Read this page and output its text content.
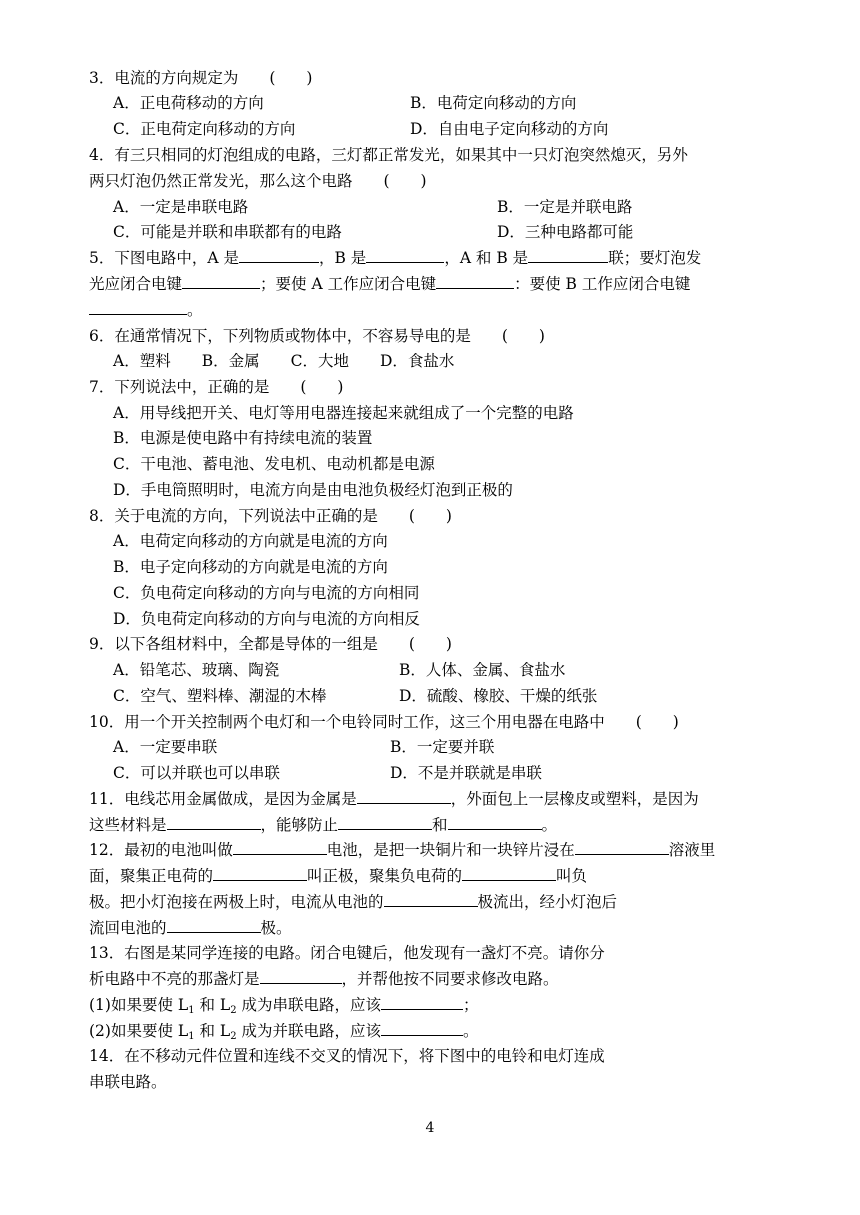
3．电流的方向规定为　　(　　)
A．正电荷移动的方向	B．电荷定向移动的方向
C．正电荷定向移动的方向	D．自由电子定向移动的方向
4．有三只相同的灯泡组成的电路，三灯都正常发光，如果其中一只灯泡突然熄灭，另外
两只灯泡仍然正常发光，那么这个电路　　(　　)
A．一定是串联电路	B．一定是并联电路
C．可能是并联和串联都有的电路	D．三种电路都可能
5．下图电路中，A 是	，B 是	，A 和 B 是	联；要灯泡发
光应闭合电键	；要使 A 工作应闭合电键	：要使 B 工作应闭合电键
。
6．在通常情况下，下列物质或物体中，不容易导电的是　　(　　)
A．塑料　　B．金属　　C．大地　　D．食盐水
7．下列说法中，正确的是　　(　　)
A．用导线把开关、电灯等用电器连接起来就组成了一个完整的电路
B．电源是使电路中有持续电流的装置
C．干电池、蓄电池、发电机、电动机都是电源
D．手电筒照明时，电流方向是由电池负极经灯泡到正极的
8．关于电流的方向，下列说法中正确的是　　(　　)
A．电荷定向移动的方向就是电流的方向
B．电子定向移动的方向就是电流的方向
C．负电荷定向移动的方向与电流的方向相同
D．负电荷定向移动的方向与电流的方向相反
9．以下各组材料中，全都是导体的一组是　　(　　)
A．铅笔芯、玻璃、陶瓷	B．人体、金属、食盐水
C．空气、塑料棒、潮湿的木棒	D．硫酸、橡胶、干燥的纸张
10．用一个开关控制两个电灯和一个电铃同时工作，这三个用电器在电路中　　(　　)
A．一定要串联	B．一定要并联
C．可以并联也可以串联	D．不是并联就是串联
11．电线芯用金属做成，是因为金属是	，外面包上一层橡皮或塑料，是因为
这些材料是	，能够防止	和	。
12．最初的电池叫做	电池，是把一块铜片和一块锌片浸在	溶液里
面，聚集正电荷的	叫正极，聚集负电荷的	叫负
极。把小灯泡接在两极上时，电流从电池的	极流出，经小灯泡后
流回电池的	极。
13．右图是某同学连接的电路。闭合电键后，他发现有一盏灯不亮。请你分
析电路中不亮的那盏灯是	，并帮他按不同要求修改电路。
(1)如果要使 $L_1$ 和 $L_2$ 成为串联电路，应该	；
(2)如果要使 $L_1$ 和 $L_2$ 成为并联电路，应该	。
14．在不移动元件位置和连线不交叉的情况下，将下图中的电铃和电灯连成
串联电路。
4
